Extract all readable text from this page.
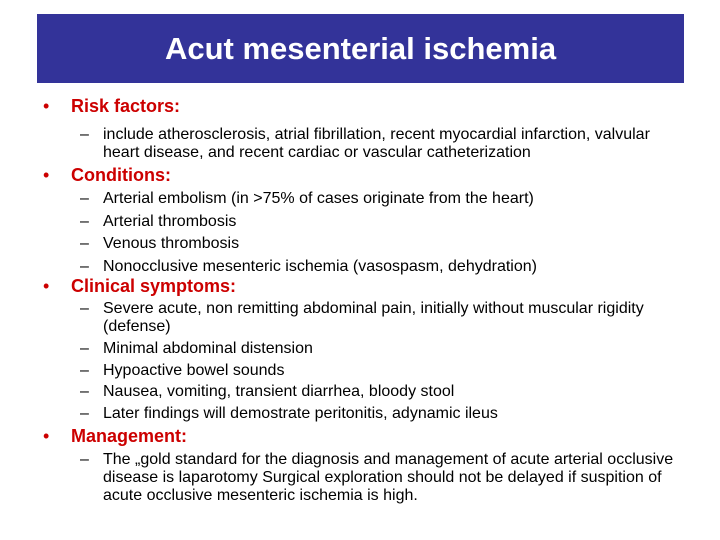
Acut mesenterial ischemia
•	Risk factors:
– include atherosclerosis, atrial fibrillation, recent myocardial infarction, valvular heart disease, and recent cardiac or vascular catheterization
•	Conditions:
– Arterial embolism (in >75% of cases originate from the heart)
– Arterial thrombosis
– Venous thrombosis
– Nonocclusive mesenteric ischemia (vasospasm, dehydration)
•	Clinical symptoms:
– Severe acute, non remitting abdominal pain, initially without muscular rigidity (defense)
– Minimal abdominal distension
– Hypoactive bowel sounds
– Nausea, vomiting, transient diarrhea, bloody stool
– Later findings will demostrate peritonitis, adynamic ileus
•	Management:
– The „gold standard for the diagnosis and management of acute arterial occlusive disease is laparotomy Surgical exploration should not be delayed if suspition of acute occlusive mesenteric ischemia is high.
